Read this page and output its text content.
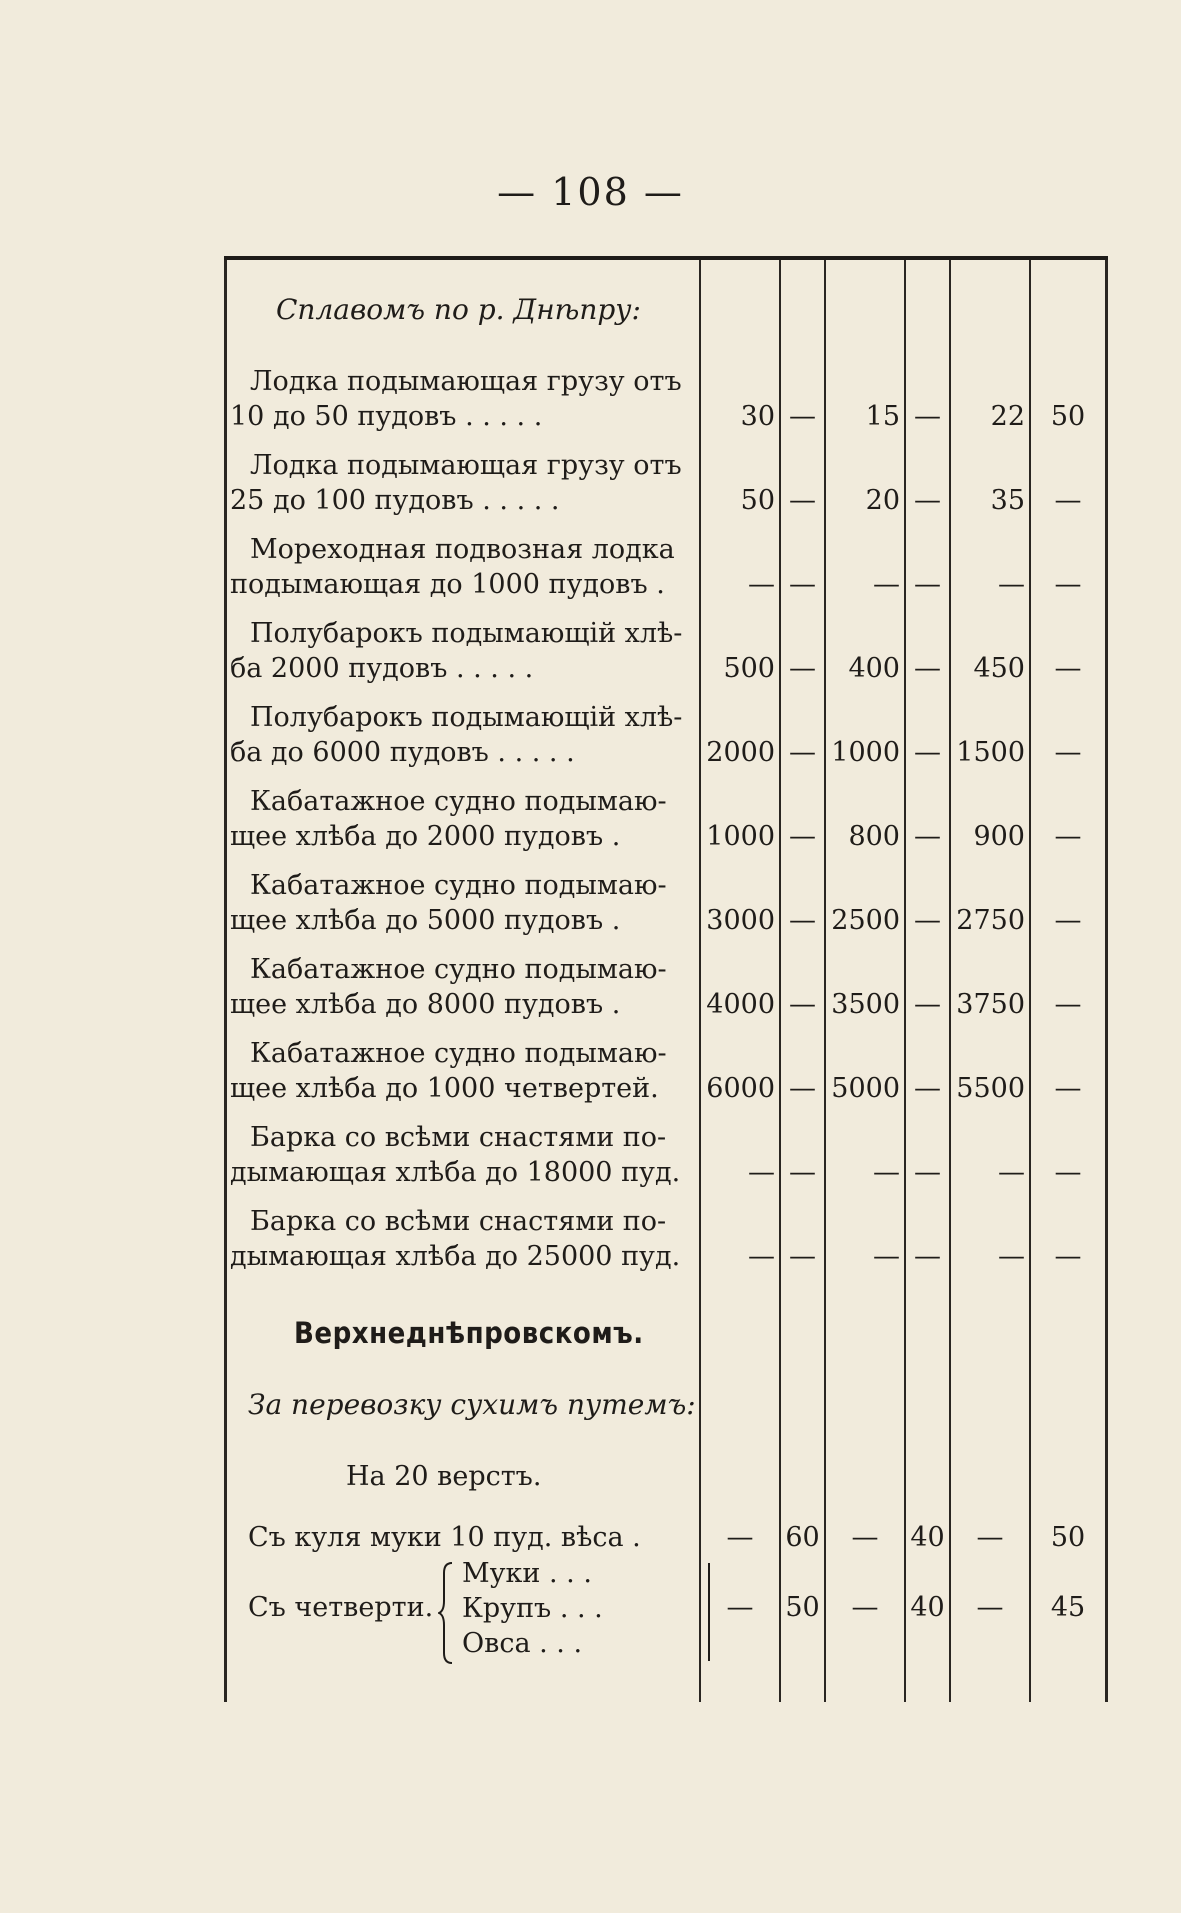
— 108 —
Сплавомъ по р. Днѣпру:
Лодка подымающая грузу отъ
10 до 50 пудовъ . . . . .	30 —	15 —	22 50
Лодка подымающая грузу отъ
25 до 100 пудовъ . . . . .	50 —	20 —	35	—
Мореходная подвозная лодка
подымающая до 1000 пудовъ .	— —	— —	—	—
Полубарокъ подымающій хлѣ-
ба 2000 пудовъ . . . . .	500 —	400 —	450	—
Полубарокъ подымающій хлѣ-
ба до 6000 пудовъ . . . . .	2000 — 1000 — 1500	—
Кабатажное судно подымаю-
щее хлѣба до 2000 пудовъ .	1000 —	800 —	900	—
Кабатажное судно подымаю-
щее хлѣба до 5000 пудовъ .	3000 — 2500 — 2750	—
Кабатажное судно подымаю-
щее хлѣба до 8000 пудовъ .	4000 — 3500 — 3750	—
Кабатажное судно подымаю-
щее хлѣба до 1000 четвертей.	6000 — 5000 — 5500	—
Барка со всѣми снастями по-
дымающая хлѣба до 18000 пуд.	— —	— —	—	—
Барка со всѣми снастями по-
дымающая хлѣба до 25000 пуд.	— —	— —	—	—
Верхнеднѣпровскомъ.
За перевозку сухимъ путемъ:
На 20 верстъ.
Съ куля муки 10 пуд. вѣса .	—	60	—	40	—	50
Съ четверти.
Муки . . .
Крупъ . . .
Овса . . .
—	50	—	40	—	45
